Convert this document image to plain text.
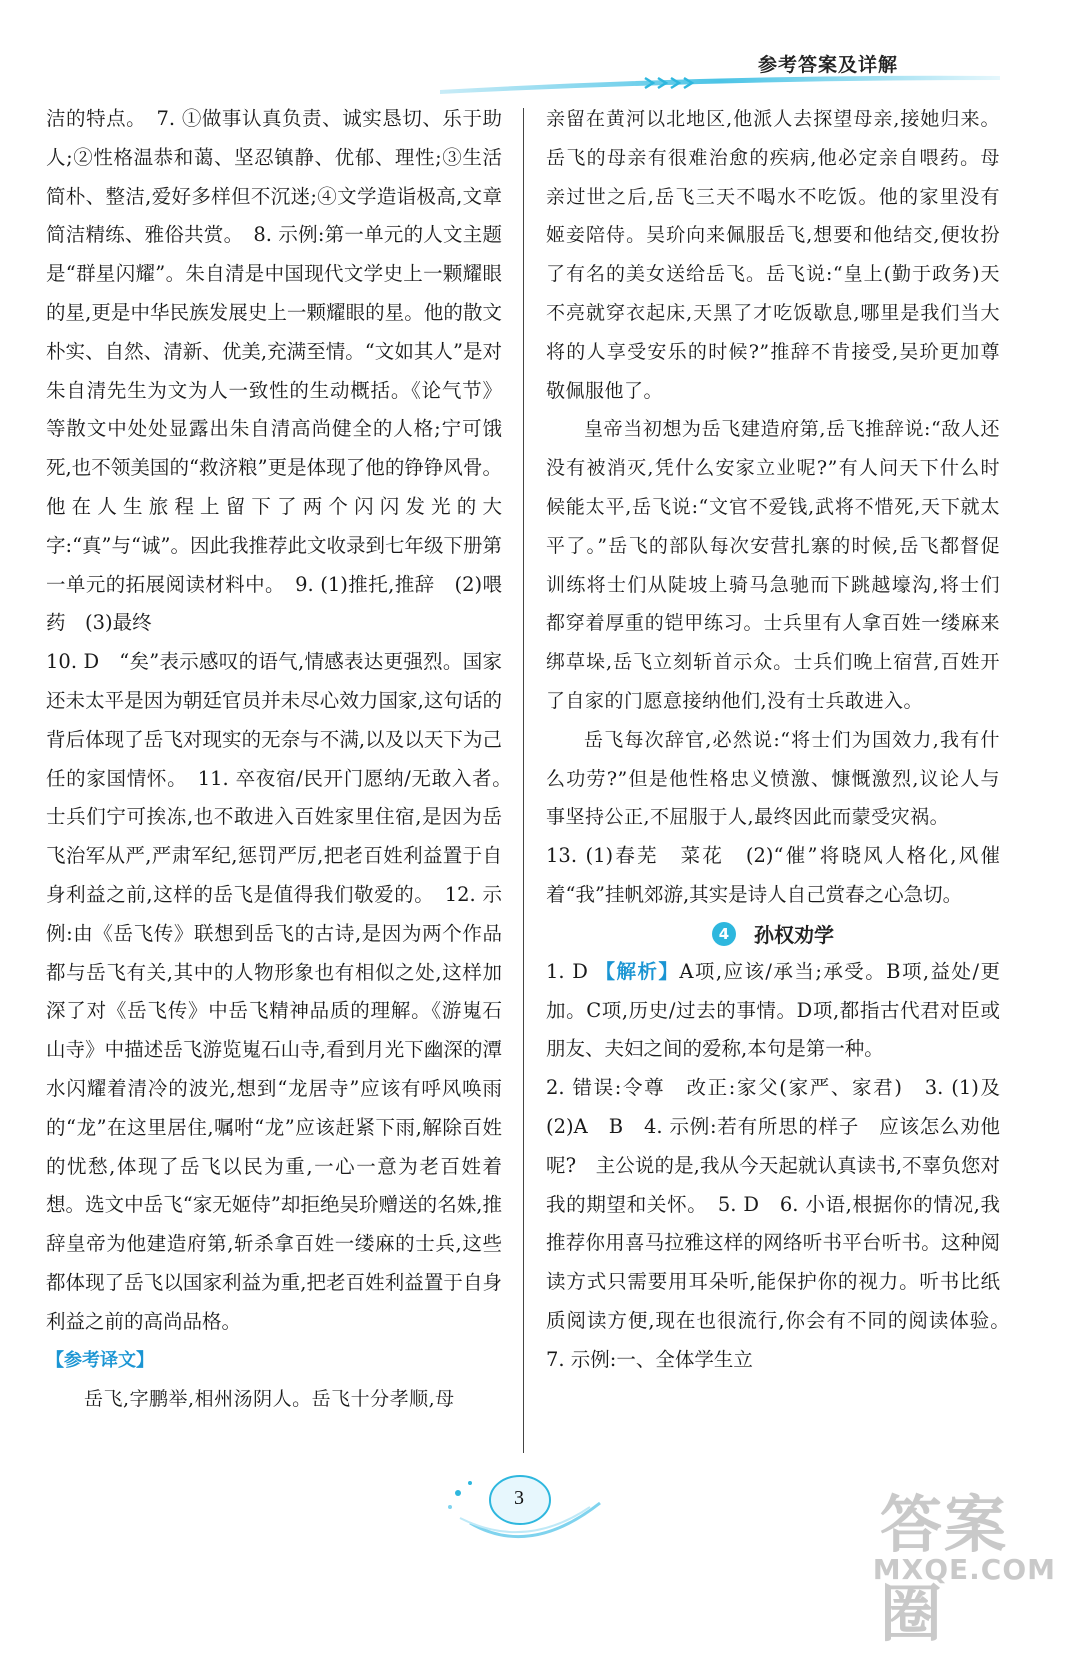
参考答案及详解

洁的特点。　7. ①做事认真负责、诚实恳切、乐于助人;②性格温恭和蔼、坚忍镇静、优郁、理性;③生活简朴、整洁,爱好多样但不沉迷;④文学造诣极高,文章简洁精练、雅俗共赏。　8. 示例:第一单元的人文主题是“群星闪耀”。朱自清是中国现代文学史上一颗耀眼的星,更是中华民族发展史上一颗耀眼的星。他的散文朴实、自然、清新、优美,充满至情。“文如其人”是对朱自清先生为文为人一致性的生动概括。《论气节》等散文中处处显露出朱自清高尚健全的人格;宁可饿死,也不领美国的“救济粮”更是体现了他的铮铮风骨。他在人生旅程上留下了两个闪闪发光的大字:“真”与“诚”。因此我推荐此文收录到七年级下册第一单元的拓展阅读材料中。　9. (1)推托,推辞　(2)喂药　(3)最终

10. D　“矣”表示感叹的语气,情感表达更强烈。国家还未太平是因为朝廷官员并未尽心效力国家,这句话的背后体现了岳飞对现实的无奈与不满,以及以天下为己任的家国情怀。　11. 卒夜宿/民开门愿纳/无敢入者。　士兵们宁可挨冻,也不敢进入百姓家里住宿,是因为岳飞治军从严,严肃军纪,惩罚严厉,把老百姓利益置于自身利益之前,这样的岳飞是值得我们敬爱的。　12. 示例:由《岳飞传》联想到岳飞的古诗,是因为两个作品都与岳飞有关,其中的人物形象也有相似之处,这样加深了对《岳飞传》中岳飞精神品质的理解。《游嵬石山寺》中描述岳飞游览嵬石山寺,看到月光下幽深的潭水闪耀着清冷的波光,想到“龙居寺”应该有呼风唤雨的“龙”在这里居住,嘱咐“龙”应该赶紧下雨,解除百姓的忧愁,体现了岳飞以民为重,一心一意为老百姓着想。选文中岳飞“家无姬侍”却拒绝吴玠赠送的名姝,推辞皇帝为他建造府第,斩杀拿百姓一缕麻的士兵,这些都体现了岳飞以国家利益为重,把老百姓利益置于自身利益之前的高尚品格。

【参考译文】

岳飞,字鹏举,相州汤阴人。岳飞十分孝顺,母

亲留在黄河以北地区,他派人去探望母亲,接她归来。岳飞的母亲有很难治愈的疾病,他必定亲自喂药。母亲过世之后,岳飞三天不喝水不吃饭。他的家里没有姬妾陪侍。吴玠向来佩服岳飞,想要和他结交,便妆扮了有名的美女送给岳飞。岳飞说:“皇上(勤于政务)天不亮就穿衣起床,天黑了才吃饭歇息,哪里是我们当大将的人享受安乐的时候?”推辞不肯接受,吴玠更加尊敬佩服他了。

皇帝当初想为岳飞建造府第,岳飞推辞说:“敌人还没有被消灭,凭什么安家立业呢?”有人问天下什么时候能太平,岳飞说:“文官不爱钱,武将不惜死,天下就太平了。”岳飞的部队每次安营扎寨的时候,岳飞都督促训练将士们从陡坡上骑马急驰而下跳越壕沟,将士们都穿着厚重的铠甲练习。士兵里有人拿百姓一缕麻来绑草垛,岳飞立刻斩首示众。士兵们晚上宿营,百姓开了自家的门愿意接纳他们,没有士兵敢进入。

岳飞每次辞官,必然说:“将士们为国效力,我有什么功劳?”但是他性格忠义愤激、慷慨激烈,议论人与事坚持公正,不屈服于人,最终因此而蒙受灾祸。

13. (1)春芜　菜花　(2)“催”将晓风人格化,风催着“我”挂帆郊游,其实是诗人自己赏春之心急切。

4	孙权劝学

1. D 【解析】A项,应该/承当;承受。B项,益处/更加。C项,历史/过去的事情。D项,都指古代君对臣或朋友、夫妇之间的爱称,本句是第一种。

2. 错误:令尊　改正:家父(家严、家君)　3. (1)及　(2)A　B　4. 示例:若有所思的样子　应该怎么劝他呢?　主公说的是,我从今天起就认真读书,不辜负您对我的期望和关怀。　5. D　6. 小语,根据你的情况,我推荐你用喜马拉雅这样的网络听书平台听书。这种阅读方式只需要用耳朵听,能保护你的视力。听书比纸质阅读方便,现在也很流行,你会有不同的阅读体验。　7. 示例:一、全体学生立

3	答案圈
MXQE.COM
